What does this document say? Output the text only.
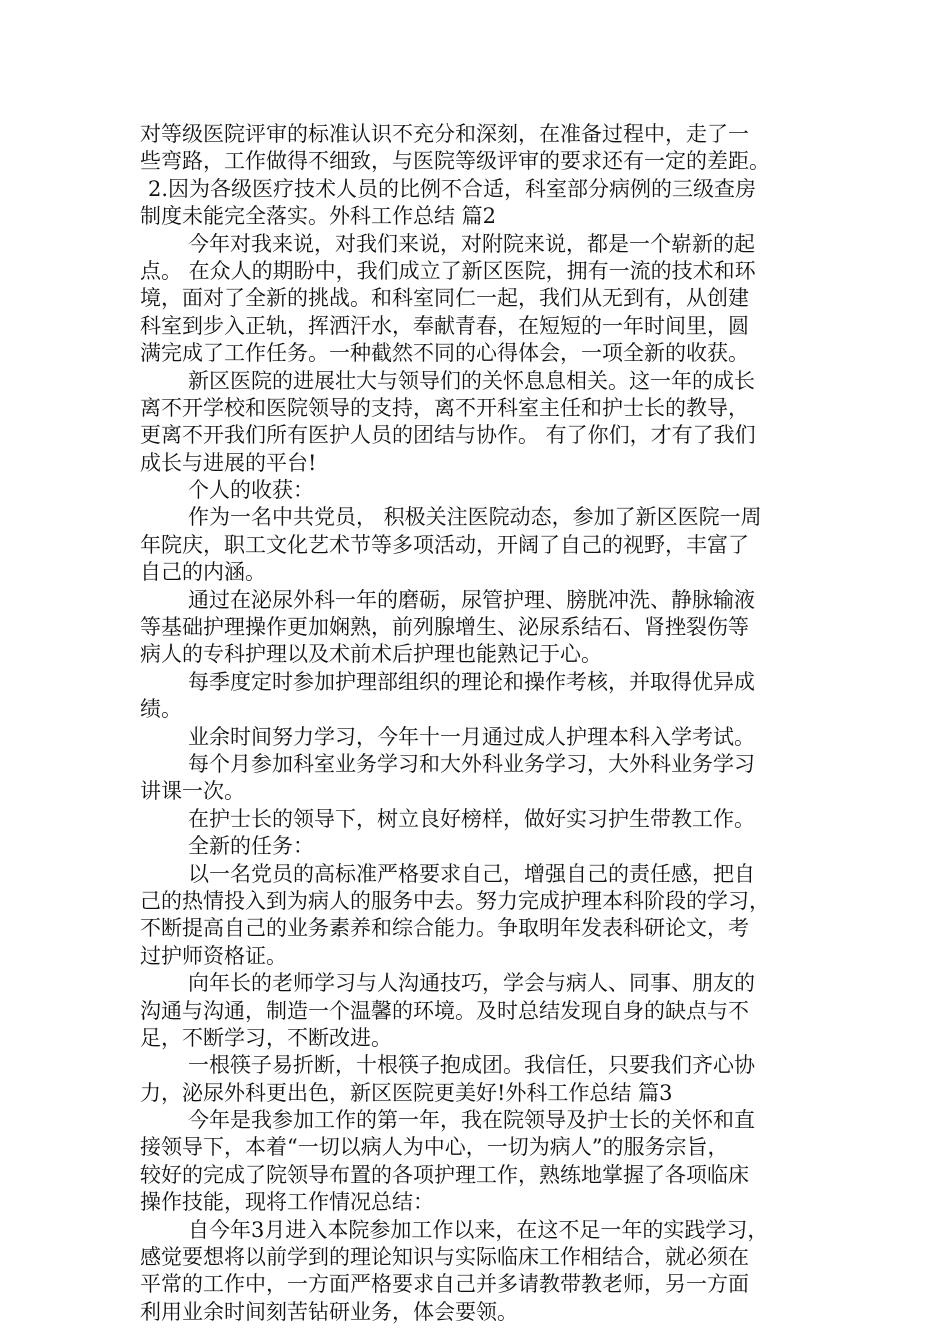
对等级医院评审的标准认识不充分和深刻，在准备过程中，走了一
些弯路，工作做得不细致，与医院等级评审的要求还有一定的差距。
2.因为各级医疗技术人员的比例不合适，科室部分病例的三级查房
制度未能完全落实。外科工作总结 篇2
今年对我来说，对我们来说，对附院来说，都是一个崭新的起
点。 在众人的期盼中，我们成立了新区医院，拥有一流的技术和环
境，面对了全新的挑战。和科室同仁一起，我们从无到有，从创建
科室到步入正轨，挥洒汗水，奉献青春，在短短的一年时间里，圆
满完成了工作任务。一种截然不同的心得体会，一项全新的收获。
新区医院的进展壮大与领导们的关怀息息相关。这一年的成长
离不开学校和医院领导的支持，离不开科室主任和护士长的教导，
更离不开我们所有医护人员的团结与协作。 有了你们，才有了我们
成长与进展的平台!
个人的收获：
作为一名中共党员， 积极关注医院动态，参加了新区医院一周
年院庆，职工文化艺术节等多项活动，开阔了自己的视野，丰富了
自己的内涵。
通过在泌尿外科一年的磨砺，尿管护理、膀胱冲洗、静脉输液
等基础护理操作更加娴熟，前列腺增生、泌尿系结石、肾挫裂伤等
病人的专科护理以及术前术后护理也能熟记于心。
每季度定时参加护理部组织的理论和操作考核，并取得优异成
绩。
业余时间努力学习，今年十一月通过成人护理本科入学考试。
每个月参加科室业务学习和大外科业务学习，大外科业务学习
讲课一次。
在护士长的领导下，树立良好榜样，做好实习护生带教工作。
全新的任务：
以一名党员的高标准严格要求自己，增强自己的责任感，把自
己的热情投入到为病人的服务中去。努力完成护理本科阶段的学习，
不断提高自己的业务素养和综合能力。争取明年发表科研论文，考
过护师资格证。
向年长的老师学习与人沟通技巧，学会与病人、同事、朋友的
沟通与沟通，制造一个温馨的环境。及时总结发现自身的缺点与不
足，不断学习，不断改进。
一根筷子易折断，十根筷子抱成团。我信任，只要我们齐心协
力，泌尿外科更出色，新区医院更美好!外科工作总结 篇3
今年是我参加工作的第一年，我在院领导及护士长的关怀和直
接领导下，本着“一切以病人为中心，一切为病人”的服务宗旨，
较好的完成了院领导布置的各项护理工作，熟练地掌握了各项临床
操作技能，现将工作情况总结：
自今年3月进入本院参加工作以来，在这不足一年的实践学习，
感觉要想将以前学到的理论知识与实际临床工作相结合，就必须在
平常的工作中，一方面严格要求自己并多请教带教老师，另一方面
利用业余时间刻苦钻研业务，体会要领。
